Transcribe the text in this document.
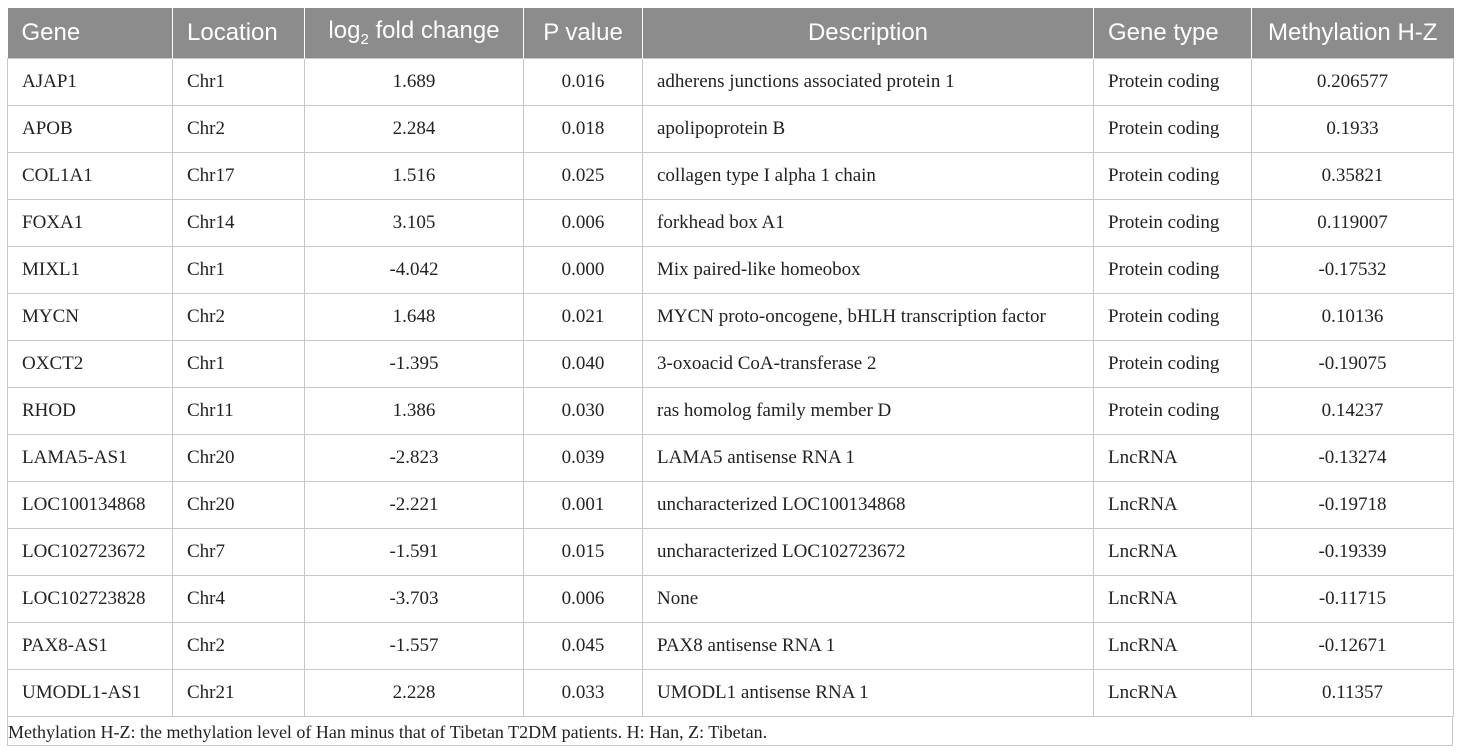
Gene	Location	$\log_2$ fold change	P value	Description	Gene type	Methylation H-Z
AJAP1	Chr1	1.689	0.016	adherens junctions associated protein 1	Protein coding	0.206577
APOB	Chr2	2.284	0.018	apolipoprotein B	Protein coding	0.1933
COL1A1	Chr17	1.516	0.025	collagen type I alpha 1 chain	Protein coding	0.35821
FOXA1	Chr14	3.105	0.006	forkhead box A1	Protein coding	0.119007
MIXL1	Chr1	-4.042	0.000	Mix paired-like homeobox	Protein coding	-0.17532
MYCN	Chr2	1.648	0.021	MYCN proto-oncogene, bHLH transcription factor	Protein coding	0.10136
OXCT2	Chr1	-1.395	0.040	3-oxoacid CoA-transferase 2	Protein coding	-0.19075
RHOD	Chr11	1.386	0.030	ras homolog family member D	Protein coding	0.14237
LAMA5-AS1	Chr20	-2.823	0.039	LAMA5 antisense RNA 1	LncRNA	-0.13274
LOC100134868	Chr20	-2.221	0.001	uncharacterized LOC100134868	LncRNA	-0.19718
LOC102723672	Chr7	-1.591	0.015	uncharacterized LOC102723672	LncRNA	-0.19339
LOC102723828	Chr4	-3.703	0.006	None	LncRNA	-0.11715
PAX8-AS1	Chr2	-1.557	0.045	PAX8 antisense RNA 1	LncRNA	-0.12671
UMODL1-AS1	Chr21	2.228	0.033	UMODL1 antisense RNA 1	LncRNA	0.11357
Methylation H-Z: the methylation level of Han minus that of Tibetan T2DM patients. H: Han, Z: Tibetan.
